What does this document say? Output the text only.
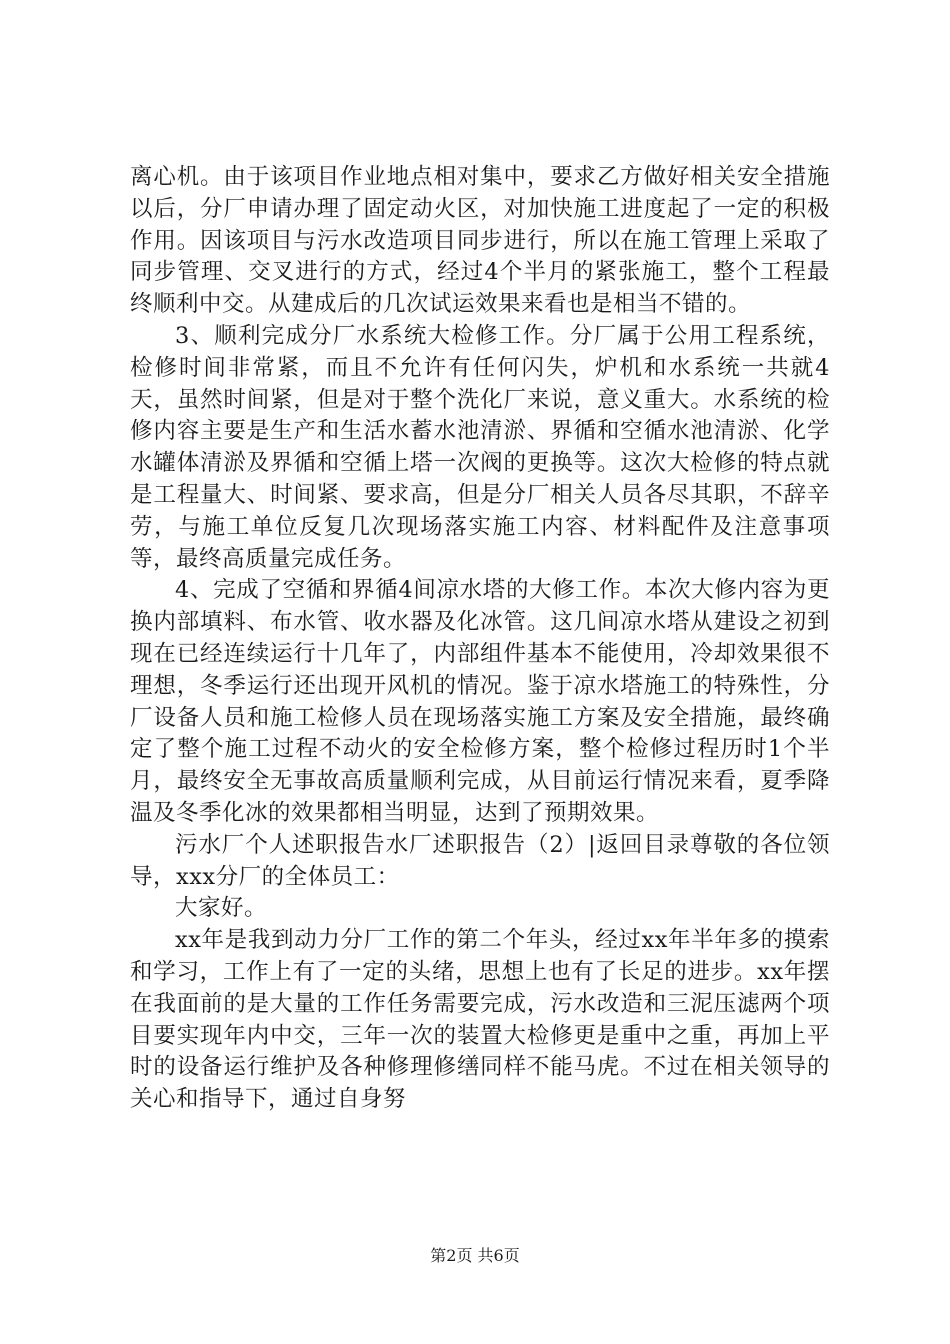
离心机。由于该项目作业地点相对集中，要求乙方做好相关安全措施以后，分厂申请办理了固定动火区，对加快施工进度起了一定的积极作用。因该项目与污水改造项目同步进行，所以在施工管理上采取了同步管理、交叉进行的方式，经过4个半月的紧张施工，整个工程最终顺利中交。从建成后的几次试运效果来看也是相当不错的。

3、顺利完成分厂水系统大检修工作。分厂属于公用工程系统，检修时间非常紧，而且不允许有任何闪失，炉机和水系统一共就4天，虽然时间紧，但是对于整个洗化厂来说，意义重大。水系统的检修内容主要是生产和生活水蓄水池清淤、界循和空循水池清淤、化学水罐体清淤及界循和空循上塔一次阀的更换等。这次大检修的特点就是工程量大、时间紧、要求高，但是分厂相关人员各尽其职，不辞辛劳，与施工单位反复几次现场落实施工内容、材料配件及注意事项等，最终高质量完成任务。

4、完成了空循和界循4间凉水塔的大修工作。本次大修内容为更换内部填料、布水管、收水器及化冰管。这几间凉水塔从建设之初到现在已经连续运行十几年了，内部组件基本不能使用，冷却效果很不理想，冬季运行还出现开风机的情况。鉴于凉水塔施工的特殊性，分厂设备人员和施工检修人员在现场落实施工方案及安全措施，最终确定了整个施工过程不动火的安全检修方案，整个检修过程历时1个半月，最终安全无事故高质量顺利完成，从目前运行情况来看，夏季降温及冬季化冰的效果都相当明显，达到了预期效果。

污水厂个人述职报告水厂述职报告（2）|返回目录尊敬的各位领导，xxx分厂的全体员工：

大家好。

xx年是我到动力分厂工作的第二个年头，经过xx年半年多的摸索和学习，工作上有了一定的头绪，思想上也有了长足的进步。xx年摆在我面前的是大量的工作任务需要完成，污水改造和三泥压滤两个项目要实现年内中交，三年一次的装置大检修更是重中之重，再加上平时的设备运行维护及各种修理修缮同样不能马虎。不过在相关领导的关心和指导下，通过自身努

第2页 共6页
